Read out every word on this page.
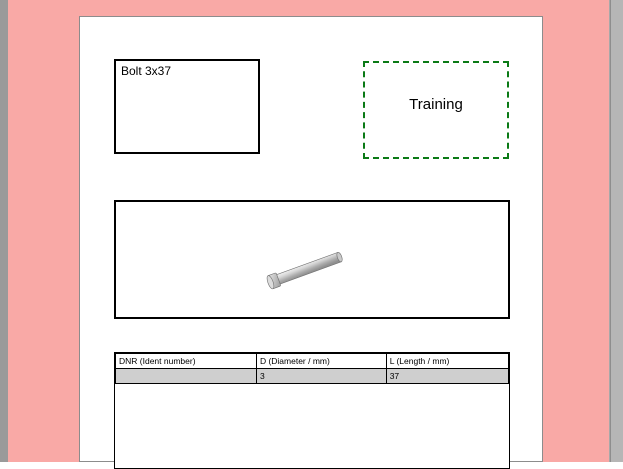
Bolt 3x37
Training
DNR (Ident number)	D (Diameter / mm)	L (Length / mm)
	3	37
